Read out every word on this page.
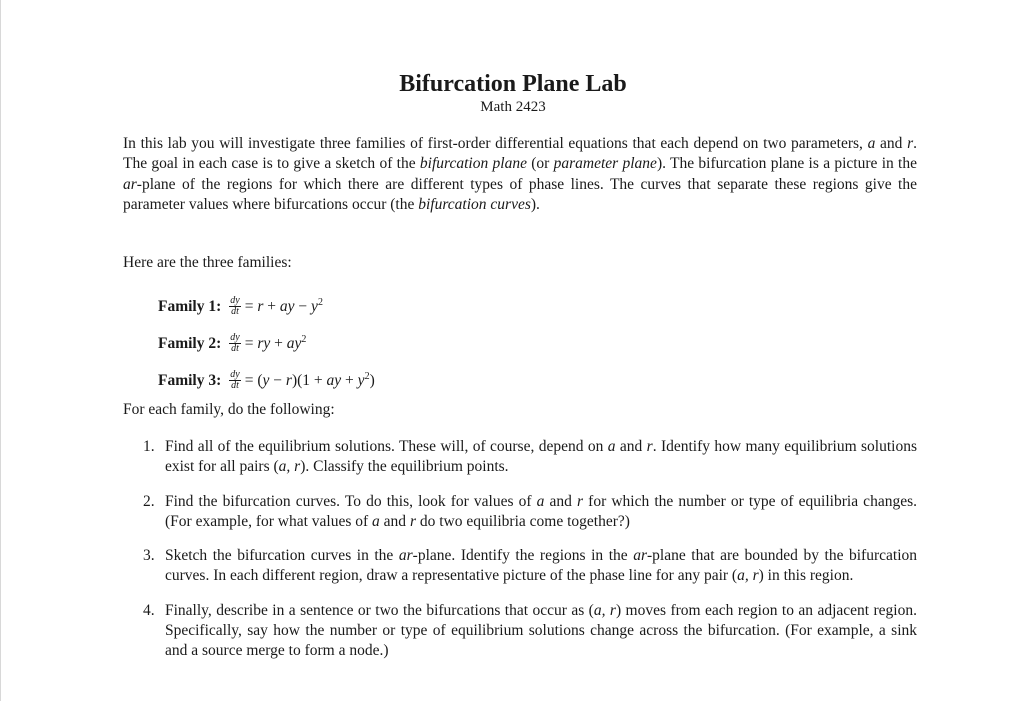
Bifurcation Plane Lab
Math 2423
In this lab you will investigate three families of first-order differential equations that each depend on two parameters, a and r. The goal in each case is to give a sketch of the bifurcation plane (or parameter plane). The bifurcation plane is a picture in the ar-plane of the regions for which there are different types of phase lines. The curves that separate these regions give the parameter values where bifurcations occur (the bifurcation curves).
Here are the three families:
Family 1: $\frac{dy}{dt} = r$ + ay − $y^2$
Family 2: $\frac{dy}{dt}$ = ry + $ay^2$
Family 3: $\frac{dy}{dt} = (y - r)(1$ + ay + $y^2$)
For each family, do the following:
1. Find all of the equilibrium solutions. These will, of course, depend on a and r. Identify how many equilibrium solutions exist for all pairs (a, r). Classify the equilibrium points.
2. Find the bifurcation curves. To do this, look for values of a and r for which the number or type of equilibria changes. (For example, for what values of a and r do two equilibria come together?)
3. Sketch the bifurcation curves in the ar-plane. Identify the regions in the ar-plane that are bounded by the bifurcation curves. In each different region, draw a representative picture of the phase line for any pair (a, r) in this region.
4. Finally, describe in a sentence or two the bifurcations that occur as (a, r) moves from each region to an adjacent region. Specifically, say how the number or type of equilibrium solutions change across the bifurcation. (For example, a sink and a source merge to form a node.)
